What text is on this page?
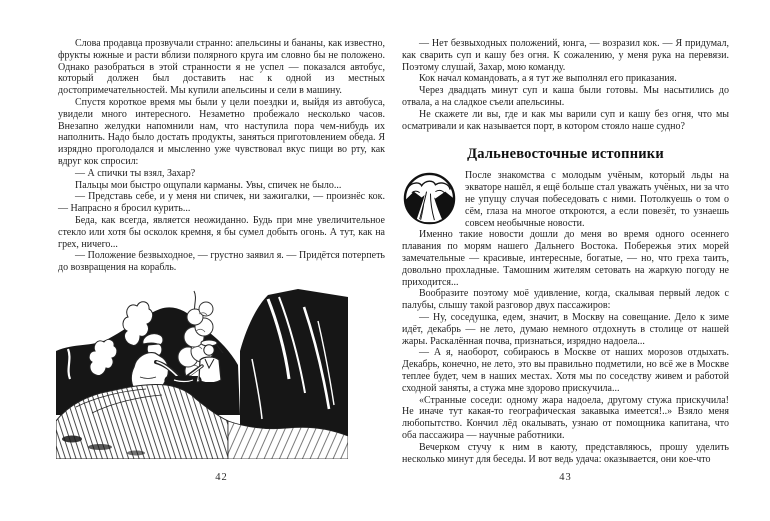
Слова продавца прозвучали странно: апельсины и бананы, как известно, фрукты южные и расти вблизи полярного круга им словно бы не положено. Однако разобраться в этой странности я не успел — показался автобус, который должен был доставить нас к одной из местных достопримечательностей. Мы купили апельсины и сели в машину.

Спустя короткое время мы были у цели поездки и, выйдя из автобуса, увидели много интересного. Незаметно пробежало несколько часов. Внезапно желудки напомнили нам, что наступила пора чем-нибудь их наполнить. Надо было достать продукты, заняться приготовлением обеда. Я изрядно проголодался и мысленно уже чувствовал вкус пищи во рту, как вдруг кок спросил:

— А спички ты взял, Захар?

Пальцы мои быстро ощупали карманы. Увы, спичек не было...

— Представь себе, и у меня ни спичек, ни зажигалки, — произнёс кок. — Напрасно я бросил курить...

Беда, как всегда, является неожиданно. Будь при мне увеличительное стекло или хотя бы осколок кремня, я бы сумел добыть огонь. А тут, как на грех, ничего...

— Положение безвыходное, — грустно заявил я. — Придётся потерпеть до возвращения на корабль.

42

— Нет безвыходных положений, юнга, — возразил кок. — Я придумал, как сварить суп и кашу без огня. К сожалению, у меня рука на перевязи. Поэтому слушай, Захар, мою команду.

Кок начал командовать, а я тут же выполнял его приказания.

Через двадцать минут суп и каша были готовы. Мы насытились до отвала, а на сладкое съели апельсины.

Не скажете ли вы, где и как мы варили суп и кашу без огня, что мы осматривали и как называется порт, в котором стояло наше судно?

Дальневосточные истопники

После знакомства с молодым учёным, который льды на экваторе нашёл, я ещё больше стал уважать учёных, ни за что не упущу случая побеседовать с ними. Потолкуешь о том о сём, глаза на многое откроются, а если повезёт, то узнаешь совсем необычные новости.

Именно такие новости дошли до меня во время одного осеннего плавания по морям нашего Дальнего Востока. Побережья этих морей замечательные — красивые, интересные, богатые, — но, что греха таить, довольно прохладные. Тамошним жителям сетовать на жаркую погоду не приходится...

Вообразите поэтому моё удивление, когда, скалывая первый ледок с палубы, слышу такой разговор двух пассажиров:

— Ну, соседушка, едем, значит, в Москву на совещание. Дело к зиме идёт, декабрь — не лето, думаю немного отдохнуть в столице от нашей жары. Раскалённая почва, признаться, изрядно надоела...

— А я, наоборот, собираюсь в Москве от наших морозов отдыхать. Декабрь, конечно, не лето, это вы правильно подметили, но всё же в Москве теплее будет, чем в наших местах. Хотя мы по соседству живем и работой сходной заняты, а стужа мне здорово прискучила...

«Странные соседи: одному жара надоела, другому стужа прискучила! Не иначе тут какая-то географическая закавыка имеется!..» Взяло меня любопытство. Кончил лёд окалывать, узнаю от помощника капитана, что оба пассажира — научные работники.

Вечерком стучу к ним в каюту, представляюсь, прошу уделить несколько минут для беседы. И вот ведь удача: оказывается, они кое-что

43
